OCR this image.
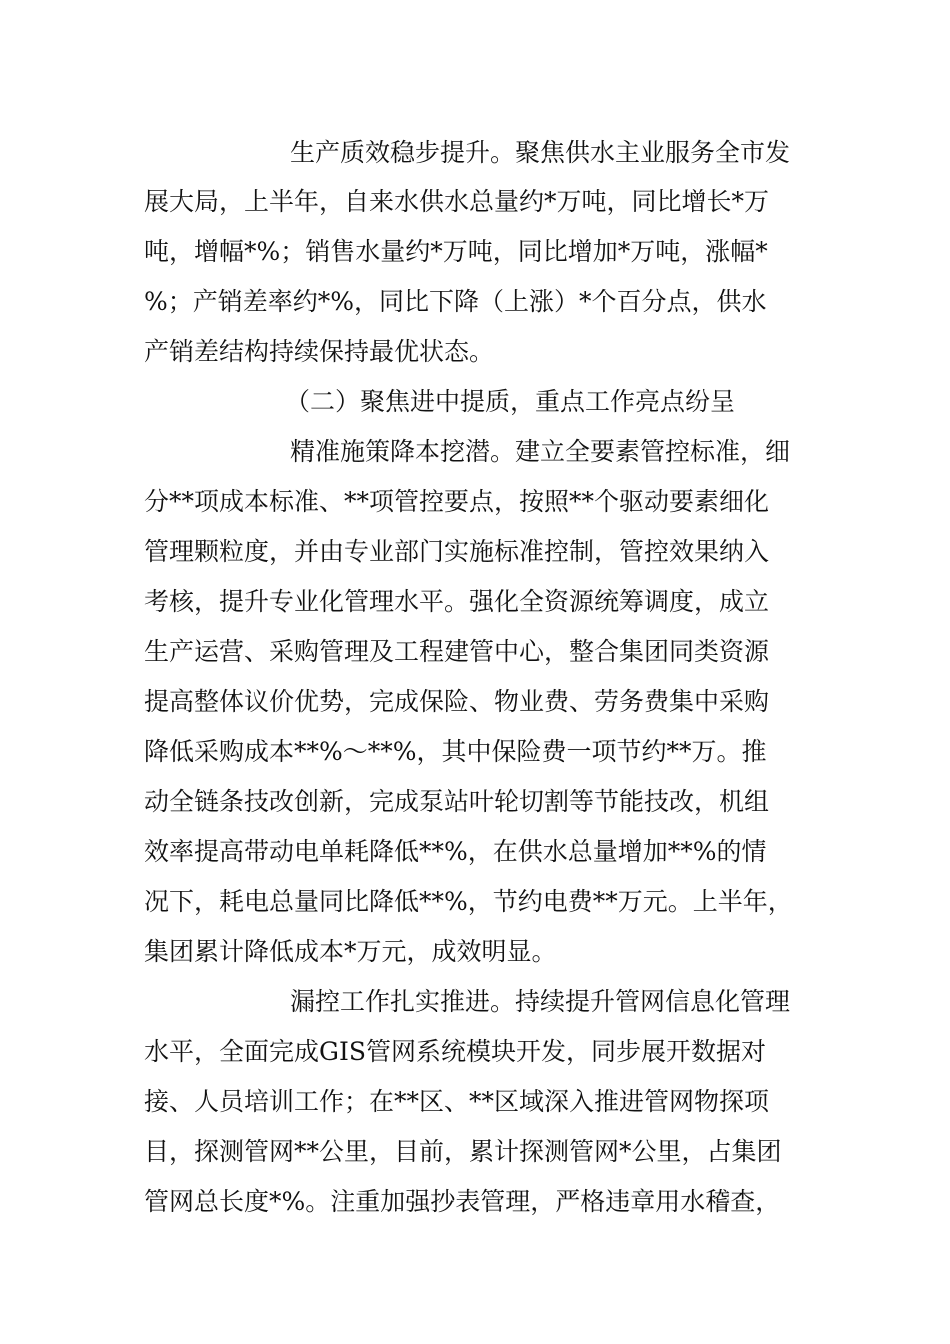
生产质效稳步提升。聚焦供水主业服务全市发

展大局，上半年，自来水供水总量约*万吨，同比增长*万

吨，增幅*%；销售水量约*万吨，同比增加*万吨，涨幅*

%；产销差率约*%，同比下降（上涨）*个百分点，供水

产销差结构持续保持最优状态。

（二）聚焦进中提质，重点工作亮点纷呈

精准施策降本挖潜。建立全要素管控标准，细

分**项成本标准、**项管控要点，按照**个驱动要素细化

管理颗粒度，并由专业部门实施标准控制，管控效果纳入

考核，提升专业化管理水平。强化全资源统筹调度，成立

生产运营、采购管理及工程建管中心，整合集团同类资源

提高整体议价优势，完成保险、物业费、劳务费集中采购

降低采购成本**%～**%，其中保险费一项节约**万。推

动全链条技改创新，完成泵站叶轮切割等节能技改，机组

效率提高带动电单耗降低**%，在供水总量增加**%的情

况下，耗电总量同比降低**%，节约电费**万元。上半年，

集团累计降低成本*万元，成效明显。

漏控工作扎实推进。持续提升管网信息化管理

水平，全面完成GIS管网系统模块开发，同步展开数据对

接、人员培训工作；在**区、**区域深入推进管网物探项

目，探测管网**公里，目前，累计探测管网*公里，占集团

管网总长度*%。注重加强抄表管理，严格违章用水稽查，
